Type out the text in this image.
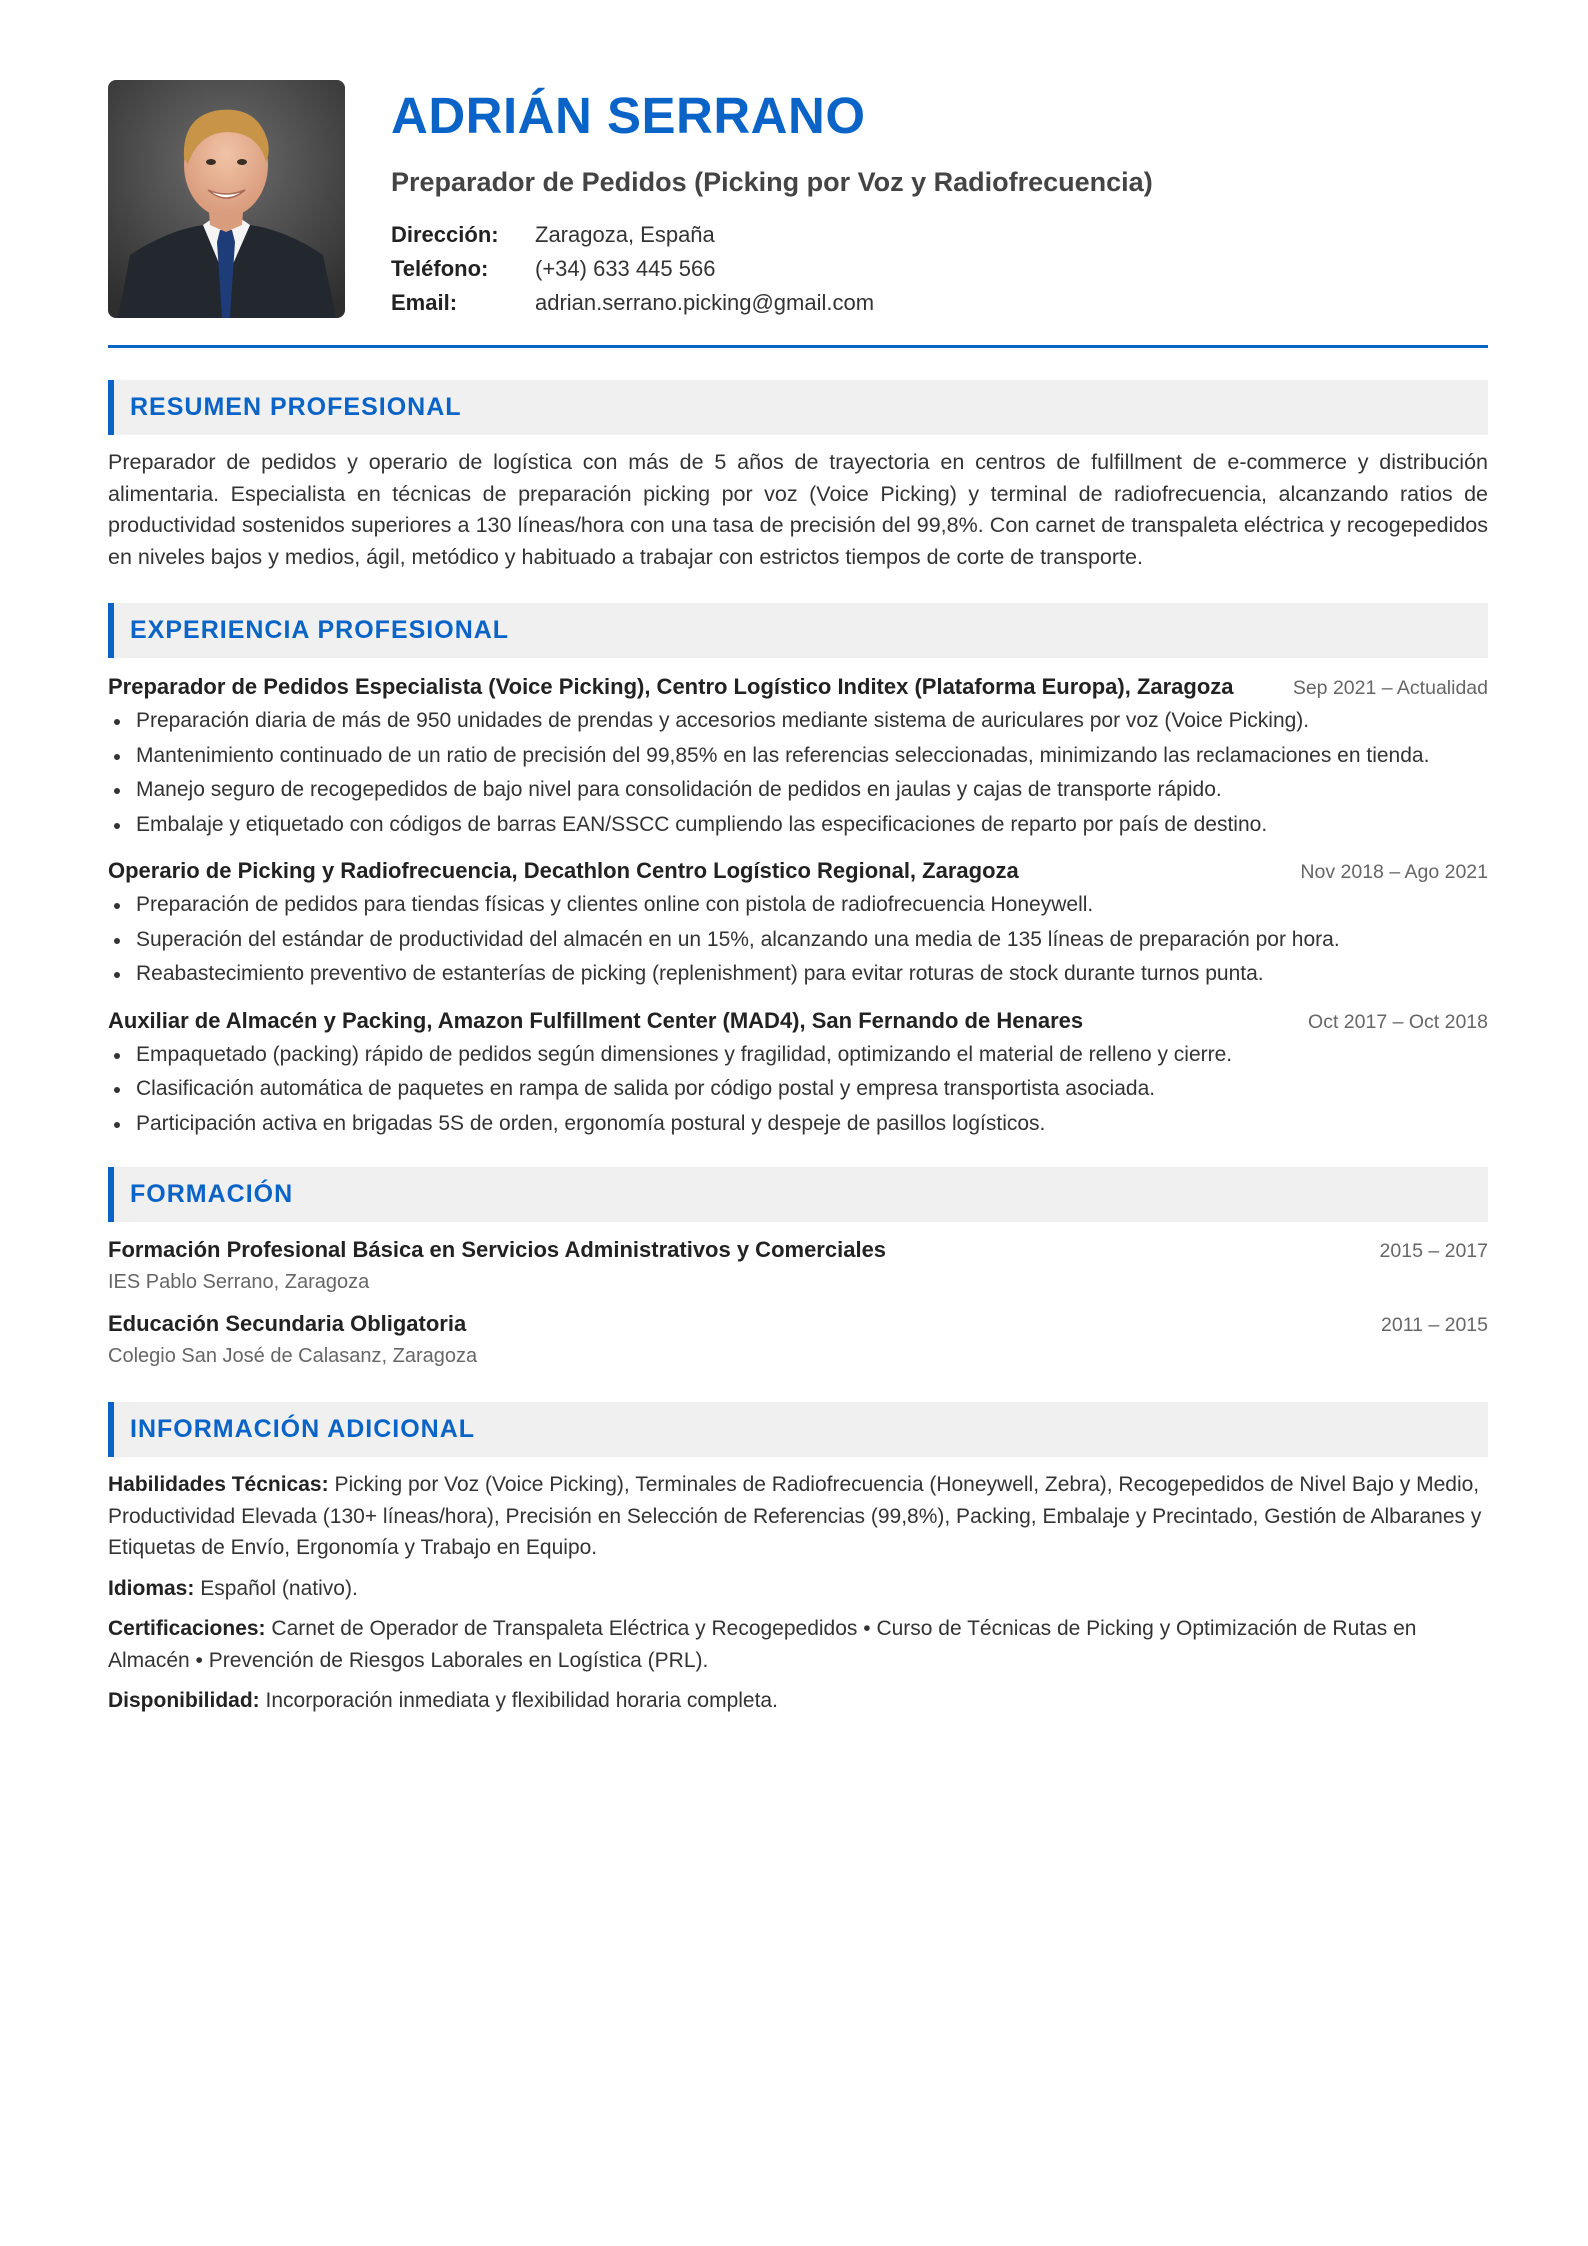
ADRIÁN SERRANO
Preparador de Pedidos (Picking por Voz y Radiofrecuencia)
Dirección:	Zaragoza, España
Teléfono:	(+34) 633 445 566
Email:	adrian.serrano.picking@gmail.com
RESUMEN PROFESIONAL

Preparador de pedidos y operario de logística con más de 5 años de trayectoria en centros de fulfillment de e-commerce y distribución alimentaria. Especialista en técnicas de preparación picking por voz (Voice Picking) y terminal de radiofrecuencia, alcanzando ratios de productividad sostenidos superiores a 130 líneas/hora con una tasa de precisión del 99,8%. Con carnet de transpaleta eléctrica y recogepedidos en niveles bajos y medios, ágil, metódico y habituado a trabajar con estrictos tiempos de corte de transporte.

EXPERIENCIA PROFESIONAL
Preparador de Pedidos Especialista (Voice Picking), Centro Logístico Inditex (Plataforma Europa), Zaragoza	Sep 2021 – Actualidad
Preparación diaria de más de 950 unidades de prendas y accesorios mediante sistema de auriculares por voz (Voice Picking).
Mantenimiento continuado de un ratio de precisión del 99,85% en las referencias seleccionadas, minimizando las reclamaciones en tienda.
Manejo seguro de recogepedidos de bajo nivel para consolidación de pedidos en jaulas y cajas de transporte rápido.
Embalaje y etiquetado con códigos de barras EAN/SSCC cumpliendo las especificaciones de reparto por país de destino.
Operario de Picking y Radiofrecuencia, Decathlon Centro Logístico Regional, Zaragoza	Nov 2018 – Ago 2021
Preparación de pedidos para tiendas físicas y clientes online con pistola de radiofrecuencia Honeywell.
Superación del estándar de productividad del almacén en un 15%, alcanzando una media de 135 líneas de preparación por hora.
Reabastecimiento preventivo de estanterías de picking (replenishment) para evitar roturas de stock durante turnos punta.
Auxiliar de Almacén y Packing, Amazon Fulfillment Center (MAD4), San Fernando de Henares	Oct 2017 – Oct 2018
Empaquetado (packing) rápido de pedidos según dimensiones y fragilidad, optimizando el material de relleno y cierre.
Clasificación automática de paquetes en rampa de salida por código postal y empresa transportista asociada.
Participación activa en brigadas 5S de orden, ergonomía postural y despeje de pasillos logísticos.
FORMACIÓN
Formación Profesional Básica en Servicios Administrativos y Comerciales	2015 – 2017
IES Pablo Serrano, Zaragoza
Educación Secundaria Obligatoria	2011 – 2015
Colegio San José de Calasanz, Zaragoza
INFORMACIÓN ADICIONAL

Habilidades Técnicas: Picking por Voz (Voice Picking), Terminales de Radiofrecuencia (Honeywell, Zebra), Recogepedidos de Nivel Bajo y Medio, Productividad Elevada (130+ líneas/hora), Precisión en Selección de Referencias (99,8%), Packing, Embalaje y Precintado, Gestión de Albaranes y Etiquetas de Envío, Ergonomía y Trabajo en Equipo.

Idiomas: Español (nativo).

Certificaciones: Carnet de Operador de Transpaleta Eléctrica y Recogepedidos • Curso de Técnicas de Picking y Optimización de Rutas en Almacén • Prevención de Riesgos Laborales en Logística (PRL).

Disponibilidad: Incorporación inmediata y flexibilidad horaria completa.
